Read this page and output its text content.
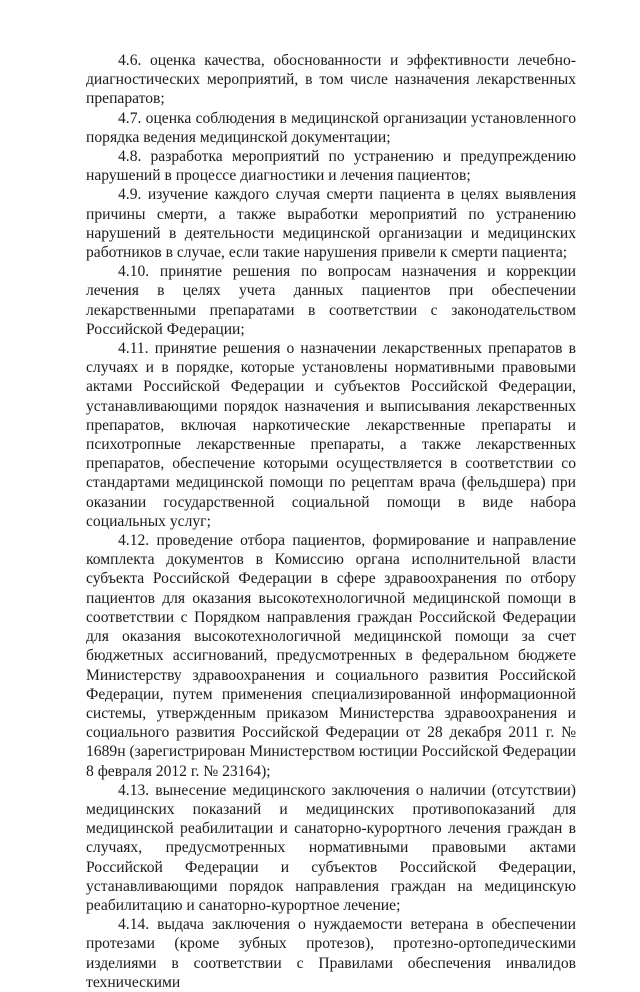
4.6. оценка качества, обоснованности и эффективности лечебно-диагностических мероприятий, в том числе назначения лекарственных препаратов;

4.7. оценка соблюдения в медицинской организации установленного порядка ведения медицинской документации;

4.8. разработка мероприятий по устранению и предупреждению нарушений в процессе диагностики и лечения пациентов;

4.9. изучение каждого случая смерти пациента в целях выявления причины смерти, а также выработки мероприятий по устранению нарушений в деятельности медицинской организации и медицинских работников в случае, если такие нарушения привели к смерти пациента;

4.10. принятие решения по вопросам назначения и коррекции лечения в целях учета данных пациентов при обеспечении лекарственными препаратами в соответствии с законодательством Российской Федерации;

4.11. принятие решения о назначении лекарственных препаратов в случаях и в порядке, которые установлены нормативными правовыми актами Российской Федерации и субъектов Российской Федерации, устанавливающими порядок назначения и выписывания лекарственных препаратов, включая наркотические лекарственные препараты и психотропные лекарственные препараты, а также лекарственных препаратов, обеспечение которыми осуществляется в соответствии со стандартами медицинской помощи по рецептам врача (фельдшера) при оказании государственной социальной помощи в виде набора социальных услуг;

4.12. проведение отбора пациентов, формирование и направление комплекта документов в Комиссию органа исполнительной власти субъекта Российской Федерации в сфере здравоохранения по отбору пациентов для оказания высокотехнологичной медицинской помощи в соответствии с Порядком направления граждан Российской Федерации для оказания высокотехнологичной медицинской помощи за счет бюджетных ассигнований, предусмотренных в федеральном бюджете Министерству здравоохранения и социального развития Российской Федерации, путем применения специализированной информационной системы, утвержденным приказом Министерства здравоохранения и социального развития Российской Федерации от 28 декабря 2011 г. № 1689н (зарегистрирован Министерством юстиции Российской Федерации 8 февраля 2012 г. № 23164);

4.13. вынесение медицинского заключения о наличии (отсутствии) медицинских показаний и медицинских противопоказаний для медицинской реабилитации и санаторно-курортного лечения граждан в случаях, предусмотренных нормативными правовыми актами Российской Федерации и субъектов Российской Федерации, устанавливающими порядок направления граждан на медицинскую реабилитацию и санаторно-курортное лечение;

4.14. выдача заключения о нуждаемости ветерана в обеспечении протезами (кроме зубных протезов), протезно-ортопедическими изделиями в соответствии с Правилами обеспечения инвалидов техническими
